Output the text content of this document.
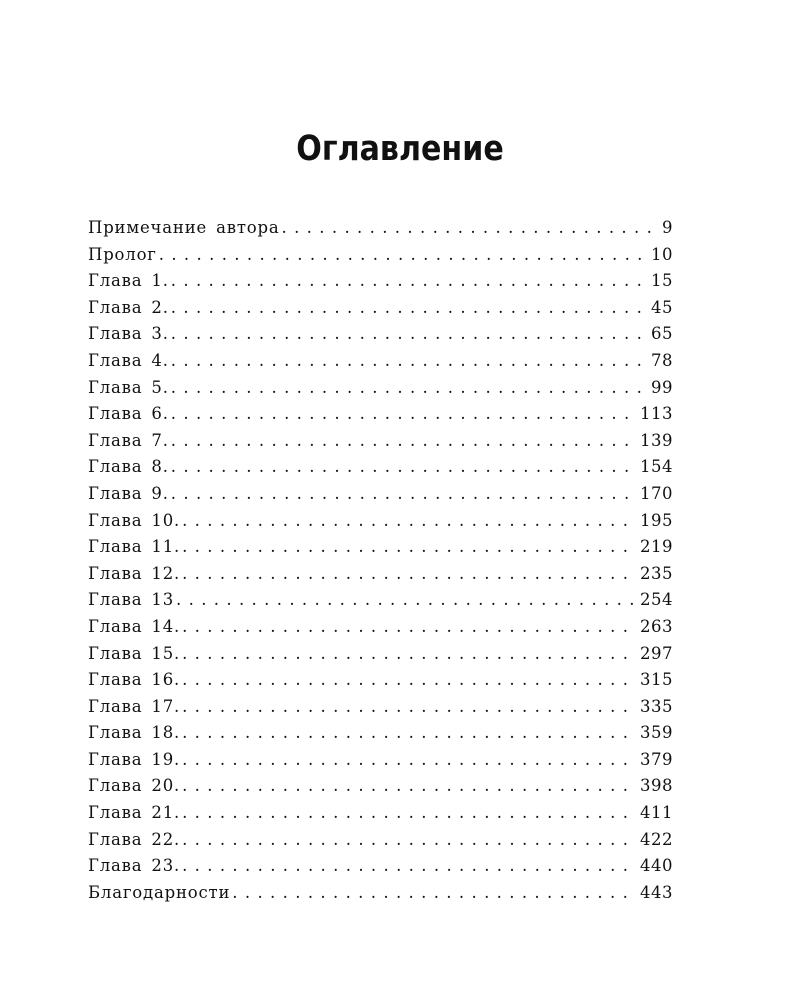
Оглавление
Примечание автора . . .	9
Пролог . . .	10
Глава 1. . . .	15
Глава 2. . . .	45
Глава 3. . . .	65
Глава 4. . . .	78
Глава 5. . . .	99
Глава 6. . . .	113
Глава 7. . . .	139
Глава 8. . . .	154
Глава 9. . . .	170
Глава 10. . . .	195
Глава 11. . . .	219
Глава 12. . . .	235
Глава 13 . . .	254
Глава 14. . . .	263
Глава 15. . . .	297
Глава 16. . . .	315
Глава 17. . . .	335
Глава 18. . . .	359
Глава 19. . . .	379
Глава 20. . . .	398
Глава 21. . . .	411
Глава 22. . . .	422
Глава 23. . . .	440
Благодарности . . .	443
